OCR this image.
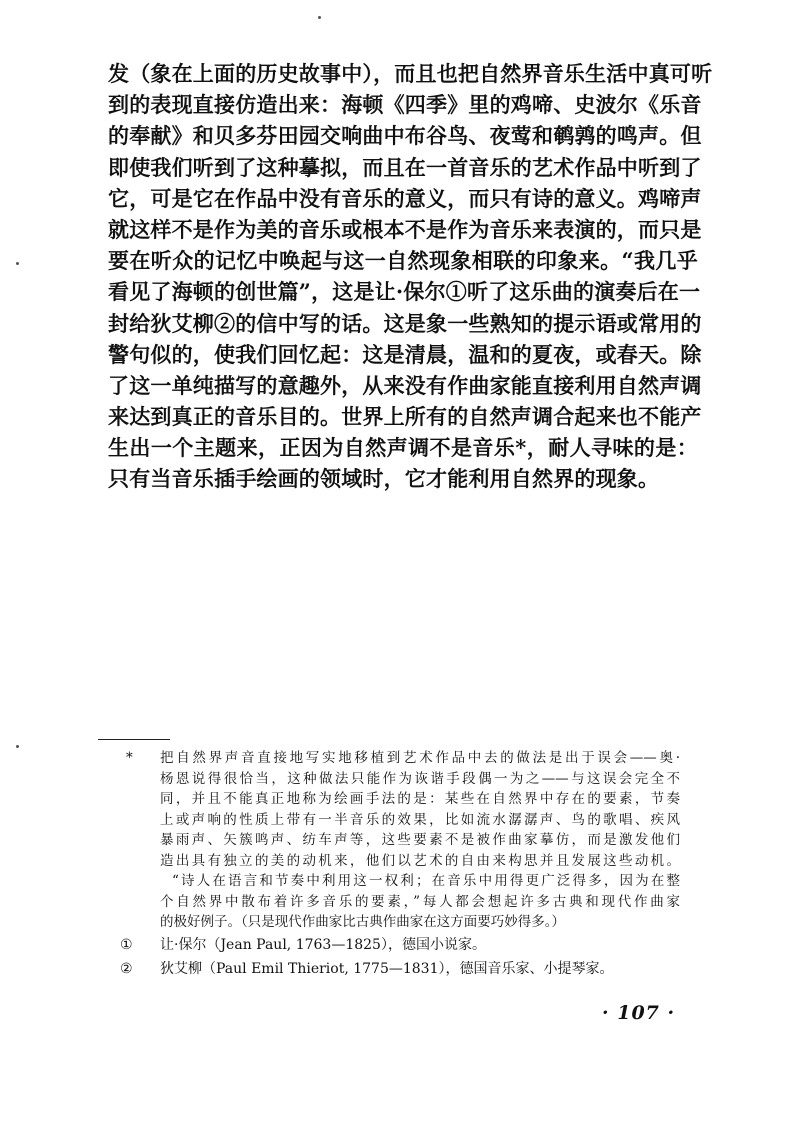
发（象在上面的历史故事中），而且也把自然界音乐生活中真可听
到的表现直接仿造出来：海顿《四季》里的鸡啼、史波尔《乐音
的奉献》和贝多芬田园交响曲中布谷鸟、夜莺和鹌鹑的鸣声。但
即使我们听到了这种摹拟，而且在一首音乐的艺术作品中听到了
它，可是它在作品中没有音乐的意义，而只有诗的意义。鸡啼声
就这样不是作为美的音乐或根本不是作为音乐来表演的，而只是
要在听众的记忆中唤起与这一自然现象相联的印象来。“我几乎
看见了海顿的创世篇”，这是让·保尔①听了这乐曲的演奏后在一
封给狄艾柳②的信中写的话。这是象一些熟知的提示语或常用的
警句似的，使我们回忆起：这是清晨，温和的夏夜，或春天。除
了这一单纯描写的意趣外，从来没有作曲家能直接利用自然声调
来达到真正的音乐目的。世界上所有的自然声调合起来也不能产
生出一个主题来，正因为自然声调不是音乐*，耐人寻味的是：
只有当音乐插手绘画的领域时，它才能利用自然界的现象。
* 把自然界声音直接地写实地移植到艺术作品中去的做法是出于误会——奥·
杨恩说得很恰当，这种做法只能作为诙谐手段偶一为之——与这误会完全不
同，并且不能真正地称为绘画手法的是：某些在自然界中存在的要素，节奏
上或声响的性质上带有一半音乐的效果，比如流水潺潺声、鸟的歌唱、疾风
暴雨声、矢簇鸣声、纺车声等，这些要素不是被作曲家摹仿，而是激发他们
造出具有独立的美的动机来，他们以艺术的自由来构思并且发展这些动机。
“诗人在语言和节奏中利用这一权利；在音乐中用得更广泛得多，因为在整
个自然界中散布着许多音乐的要素，”每人都会想起许多古典和现代作曲家
的极好例子。（只是现代作曲家比古典作曲家在这方面要巧妙得多。）
① 让·保尔（Jean Paul, 1763—1825），德国小说家。
② 狄艾柳（Paul Emil Thieriot, 1775—1831），德国音乐家、小提琴家。
· 107 ·
